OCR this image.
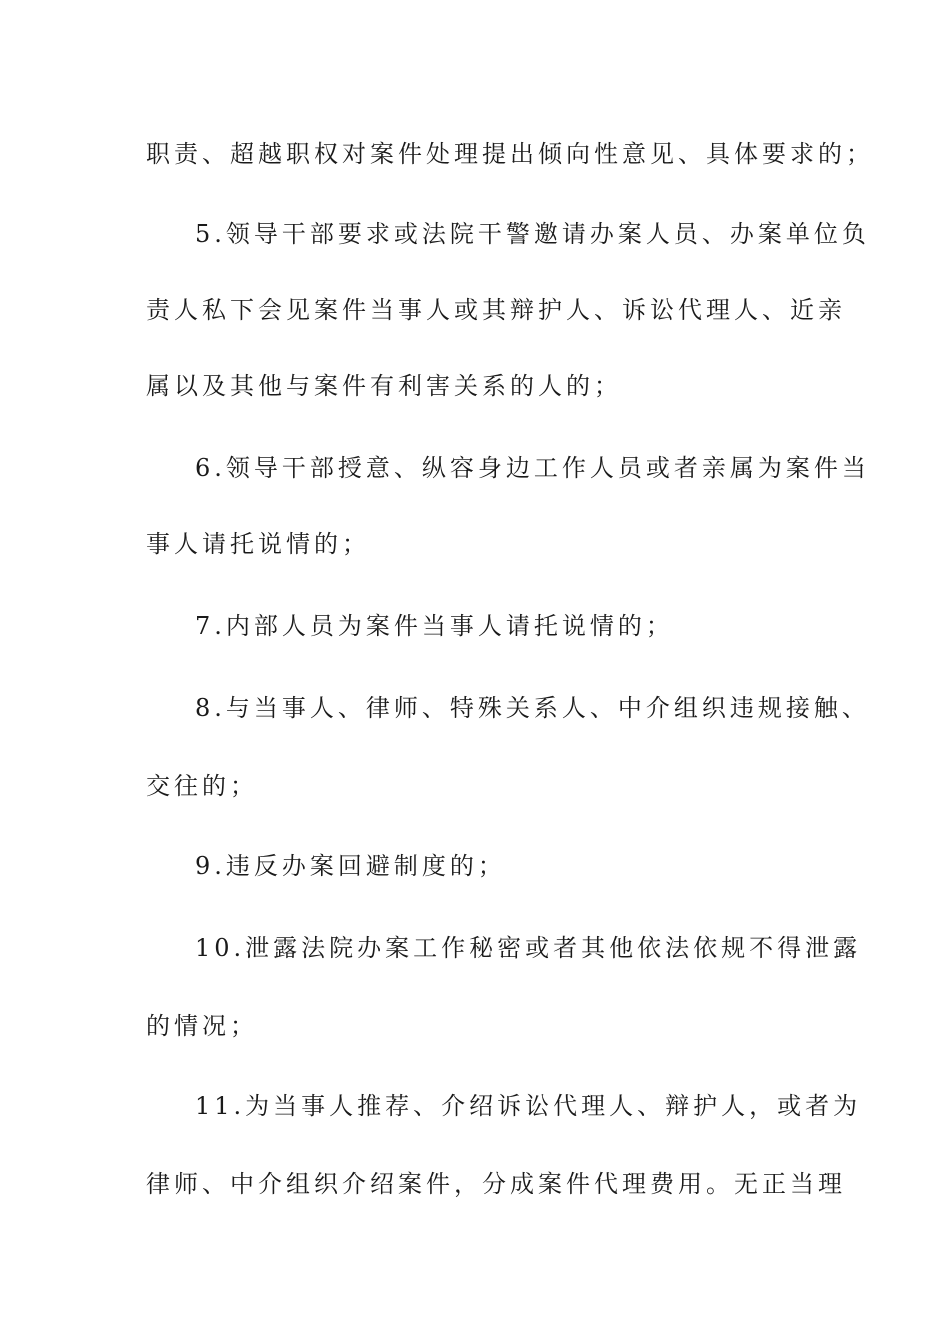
职责、超越职权对案件处理提出倾向性意见、具体要求的；
5.领导干部要求或法院干警邀请办案人员、办案单位负
责人私下会见案件当事人或其辩护人、诉讼代理人、近亲
属以及其他与案件有利害关系的人的；
6.领导干部授意、纵容身边工作人员或者亲属为案件当
事人请托说情的；
7.内部人员为案件当事人请托说情的；
8.与当事人、律师、特殊关系人、中介组织违规接触、
交往的；
9.违反办案回避制度的；
10.泄露法院办案工作秘密或者其他依法依规不得泄露
的情况；
11.为当事人推荐、介绍诉讼代理人、辩护人，或者为
律师、中介组织介绍案件，分成案件代理费用。无正当理
